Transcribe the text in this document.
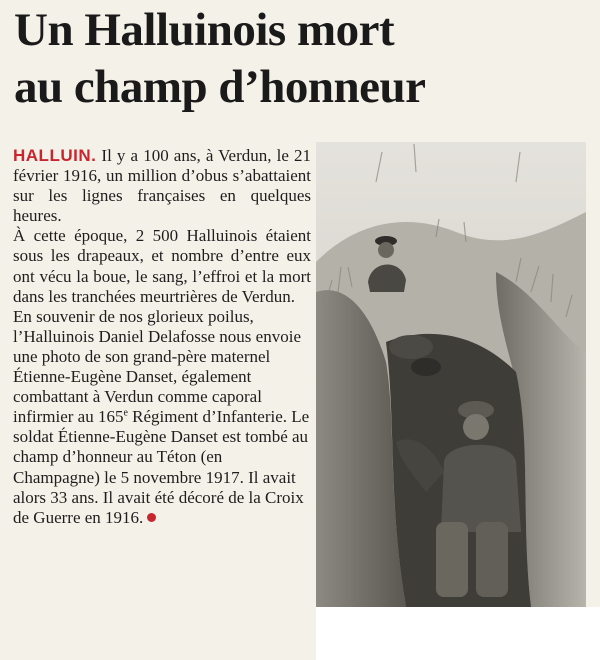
Un Halluinois mort
au champ d’honneur

HALLUIN. Il y a 100 ans, à Verdun, le 21 février 1916, un million d’obus s’abattaient sur les lignes françaises en quelques heures.

À cette époque, 2 500 Halluinois étaient sous les drapeaux, et nombre d’entre eux ont vécu la boue, le sang, l’effroi et la mort dans les tranchées meurtrières de Verdun.

En souvenir de nos glorieux poilus, l’Halluinois Daniel Delafosse nous envoie une photo de son grand-père maternel Étienne-Eugène Danset, également combattant à Verdun comme caporal infirmier au 165e Régiment d’Infanterie. Le soldat Étienne-Eugène Danset est tombé au champ d’honneur au Téton (en Champagne) le 5 novembre 1917. Il avait alors 33 ans. Il avait été décoré de la Croix de Guerre en 1916.
